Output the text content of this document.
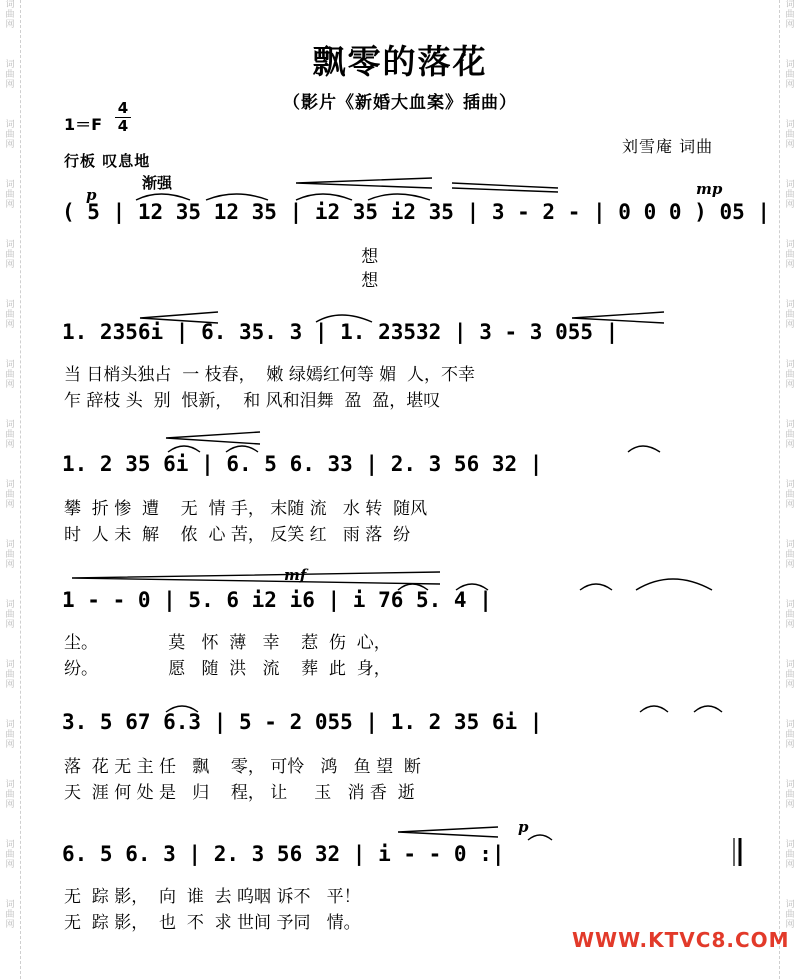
词
曲
网
词
曲
网
词
曲
网
词
曲
网
词
曲
网
词
曲
网
词
曲
网
词
曲
网
词
曲
网
词
曲
网
词
曲
网
词
曲
网
词
曲
网
词
曲
网
词
曲
网
词
曲
网
词
曲
网
词
曲
网
词
曲
网
词
曲
网
词
曲
网
词
曲
网
词
曲
网
词
曲
网
词
曲
网
词
曲
网
词
曲
网
词
曲
网
词
曲
网
词
曲
网
词
曲
网
词
曲
网
飘零的落花
（影片《新婚大血案》插曲）
1＝F
4
4
刘雪庵 词曲
行板 叹息地
渐强
p	mp
mf
p
( 5 | 12 35 12 35 | i2 35 i2 35 | 3 - 2 - | 0 0 0 ) 05 |
想
想
1. 2356i | 6. 35. 3 | 1. 23532 | 3 - 3 055 |
当 日梢头独占  一 枝春，  嫩 绿嫣红何等 媚  人，不幸
乍 辞枝 头  别  恨新，  和 风和泪舞  盈  盈，堪叹
1. 2 35 6i | 6. 5 6. 33 | 2. 3 56 32 |
攀  折 惨  遭    无  情 手， 末随 流   水 转  随风
时  人 未  解    侬  心 苦， 反笑 红   雨 落  纷
1 - - 0 | 5. 6 i2 i6 | i 76 5. 4 |
尘。             莫   怀  薄   幸    惹  伤  心，
纷。             愿   随  洪   流    葬  此  身，
3. 5 67 6.3 | 5 - 2 055 | 1. 2 35 6i |
落  花 无 主 任   飘    零， 可怜   鸿   鱼 望  断
天  涯 何 处 是   归    程， 让     玉   消 香  逝
6. 5 6. 3 | 2. 3 56 32 | i - - 0 :|
无  踪 影，  向  谁  去 呜咽 诉不   平！
无  踪 影，  也  不  求 世间 予同   情。
WWW.KTVC8.COM
